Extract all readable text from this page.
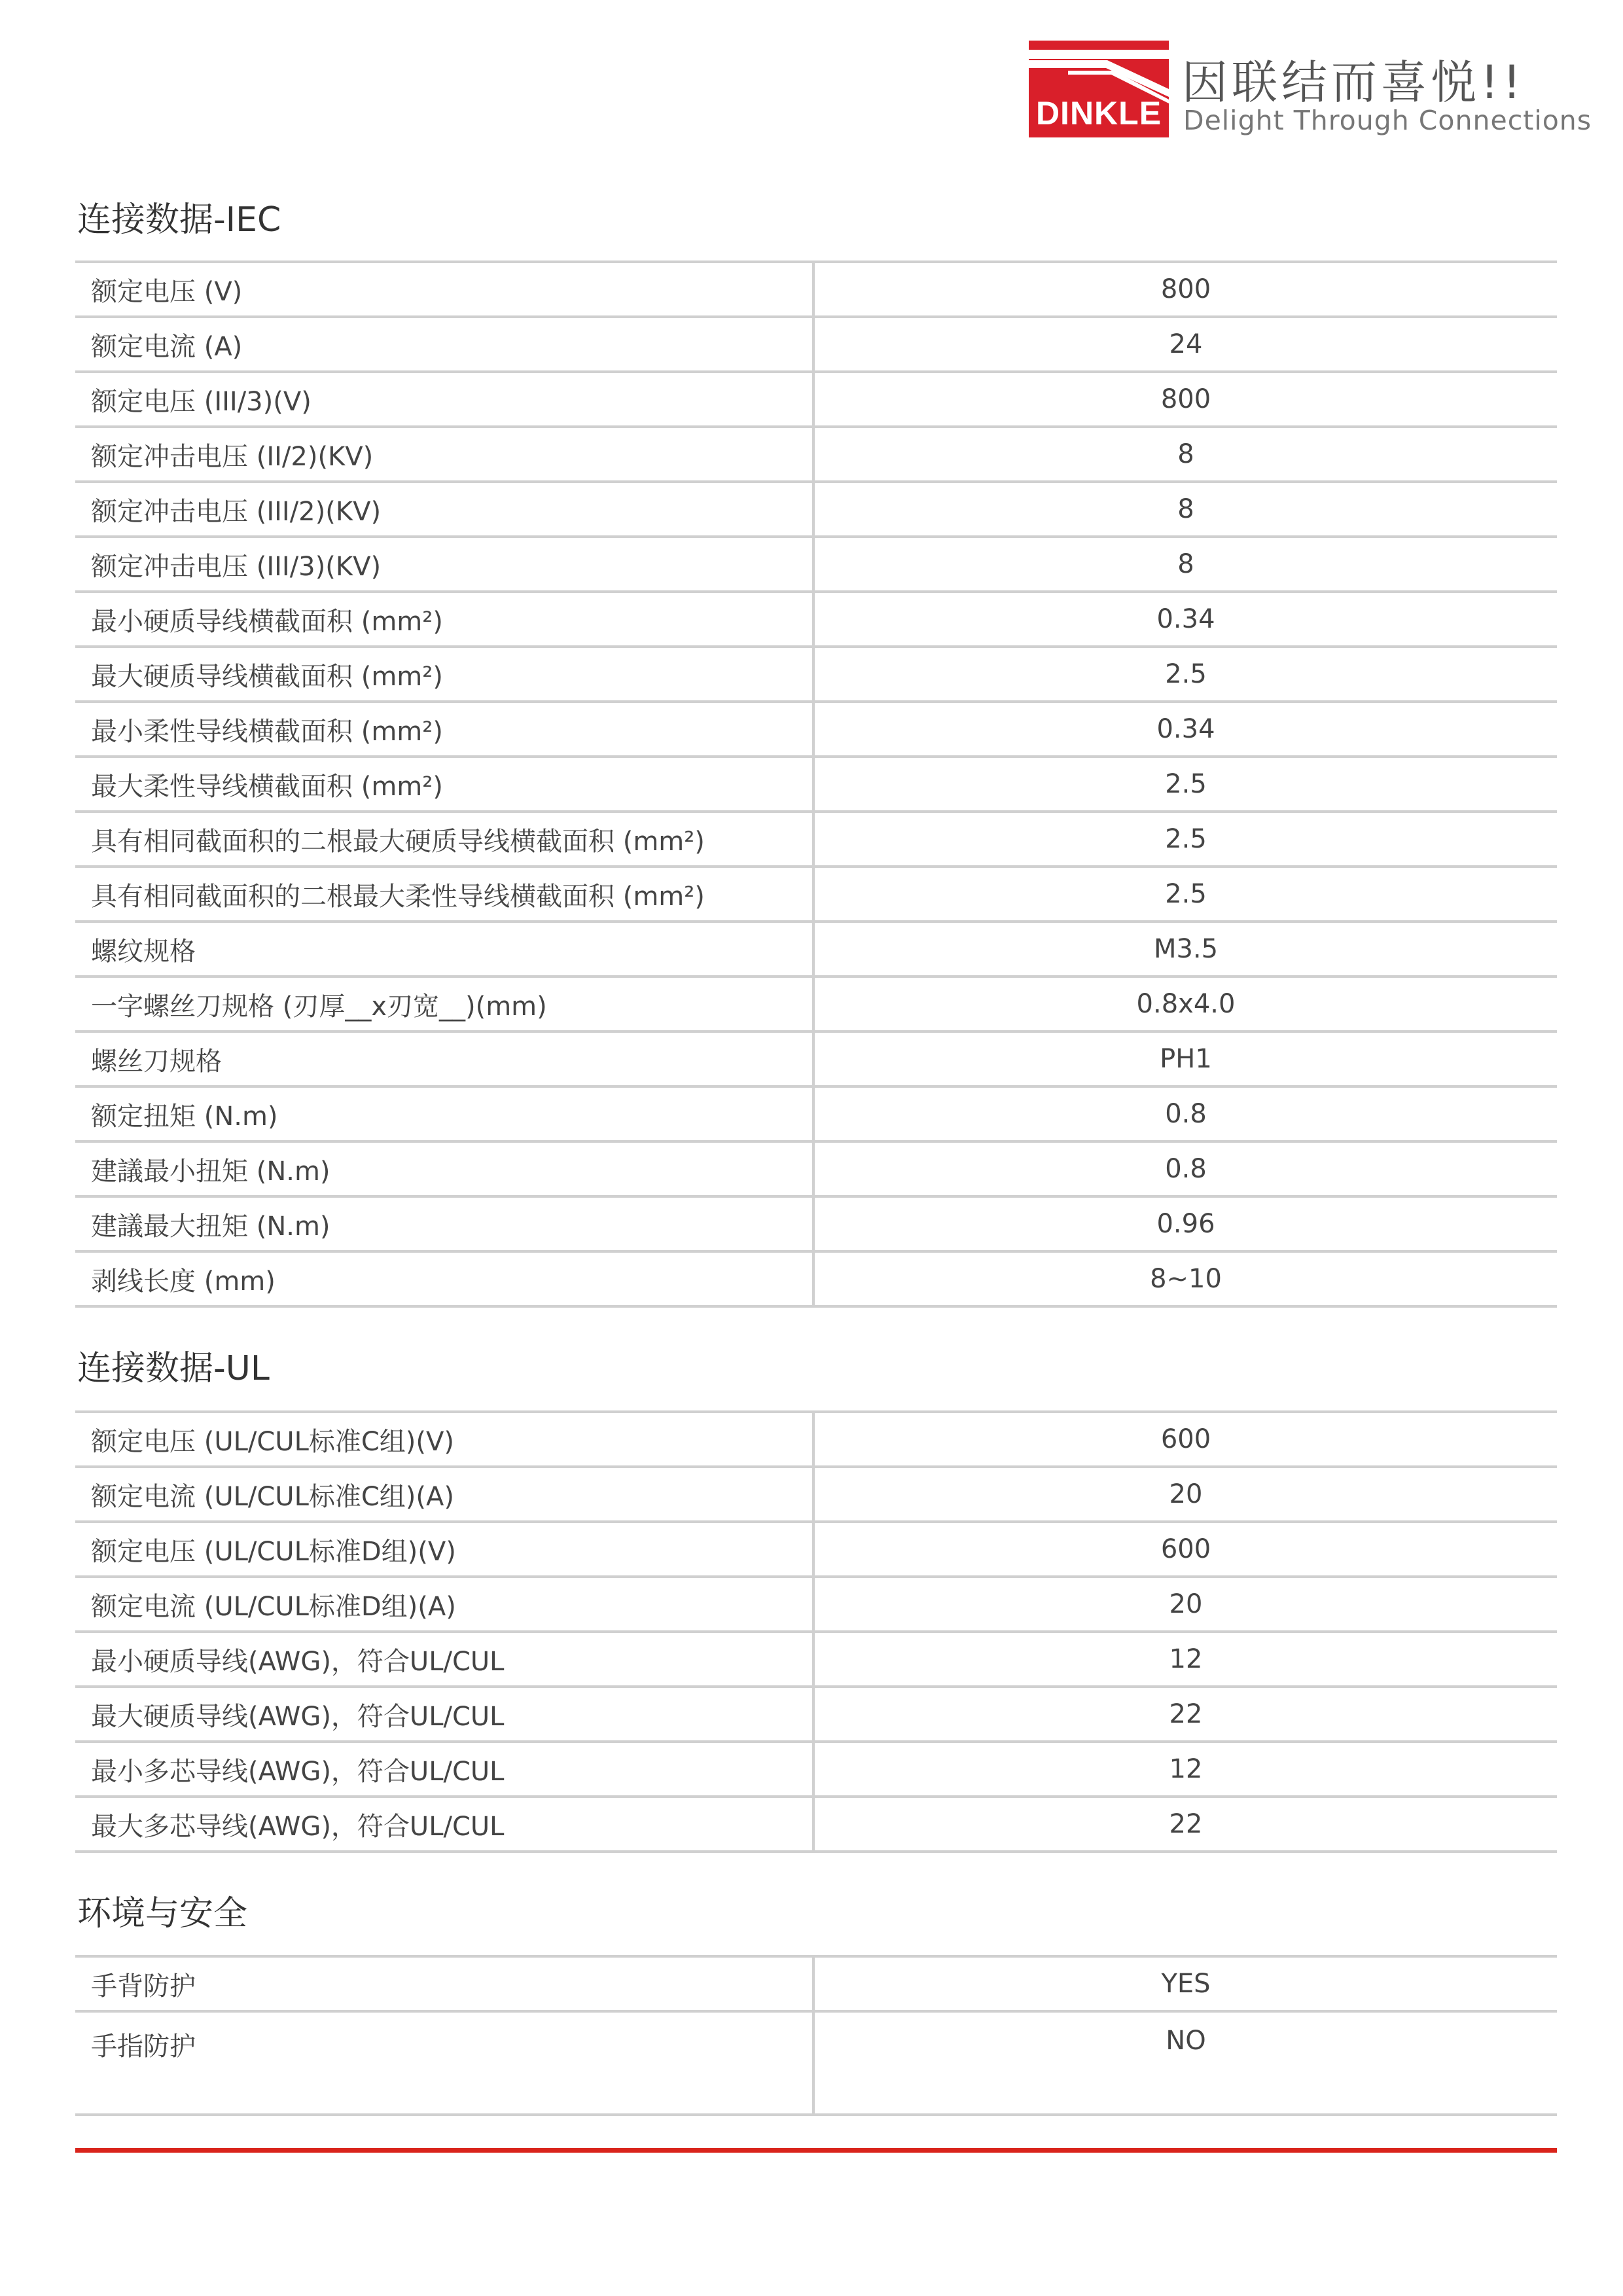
DINKLE
因联结而喜悦!!
Delight Through Connections
连接数据-IEC
额定电压 (V)	800
额定电流 (A)	24
额定电压 (III/3)(V)	800
额定冲击电压 (II/2)(KV)	8
额定冲击电压 (III/2)(KV)	8
额定冲击电压 (III/3)(KV)	8
最小硬质导线横截面积 (mm²)	0.34
最大硬质导线横截面积 (mm²)	2.5
最小柔性导线横截面积 (mm²)	0.34
最大柔性导线横截面积 (mm²)	2.5
具有相同截面积的二根最大硬质导线横截面积 (mm²)	2.5
具有相同截面积的二根最大柔性导线横截面积 (mm²)	2.5
螺纹规格	M3.5
一字螺丝刀规格 (刃厚__x刃宽__)(mm)	0.8x4.0
螺丝刀规格	PH1
额定扭矩 (N.m)	0.8
建議最小扭矩 (N.m)	0.8
建議最大扭矩 (N.m)	0.96
剥线长度 (mm)	8~10
连接数据-UL
额定电压 (UL/CUL标准C组)(V)	600
额定电流 (UL/CUL标准C组)(A)	20
额定电压 (UL/CUL标准D组)(V)	600
额定电流 (UL/CUL标准D组)(A)	20
最小硬质导线(AWG)，符合UL/CUL	12
最大硬质导线(AWG)，符合UL/CUL	22
最小多芯导线(AWG)，符合UL/CUL	12
最大多芯导线(AWG)，符合UL/CUL	22
环境与安全
手背防护	YES
手指防护	NO
